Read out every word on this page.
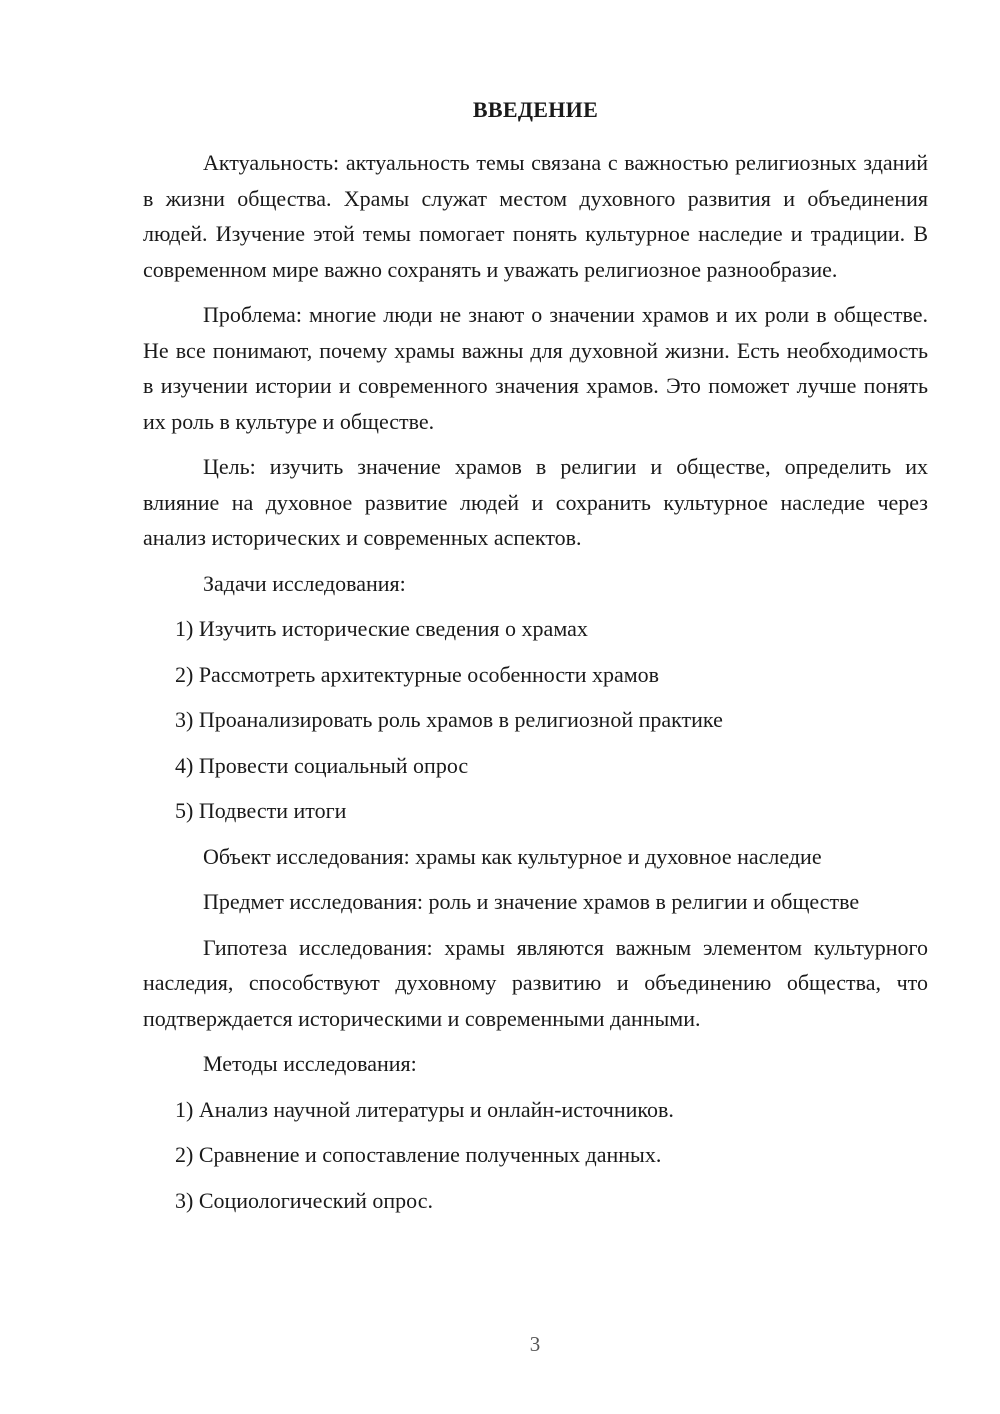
ВВЕДЕНИЕ

Актуальность: актуальность темы связана с важностью религиозных зданий в жизни общества. Храмы служат местом духовного развития и объединения людей. Изучение этой темы помогает понять культурное наследие и традиции. В современном мире важно сохранять и уважать религиозное разнообразие.

Проблема: многие люди не знают о значении храмов и их роли в обществе. Не все понимают, почему храмы важны для духовной жизни. Есть необходимость в изучении истории и современного значения храмов. Это поможет лучше понять их роль в культуре и обществе.

Цель: изучить значение храмов в религии и обществе, определить их влияние на духовное развитие людей и сохранить культурное наследие через анализ исторических и современных аспектов.

Задачи исследования:

1) Изучить исторические сведения о храмах
2) Рассмотреть архитектурные особенности храмов
3) Проанализировать роль храмов в религиозной практике
4) Провести социальный опрос
5) Подвести итоги

Объект исследования: храмы как культурное и духовное наследие

Предмет исследования: роль и значение храмов в религии и обществе

Гипотеза исследования: храмы являются важным элементом культурного наследия, способствуют духовному развитию и объединению общества, что подтверждается историческими и современными данными.

Методы исследования:

1) Анализ научной литературы и онлайн-источников.
2) Сравнение и сопоставление полученных данных.
3) Социологический опрос.
3
